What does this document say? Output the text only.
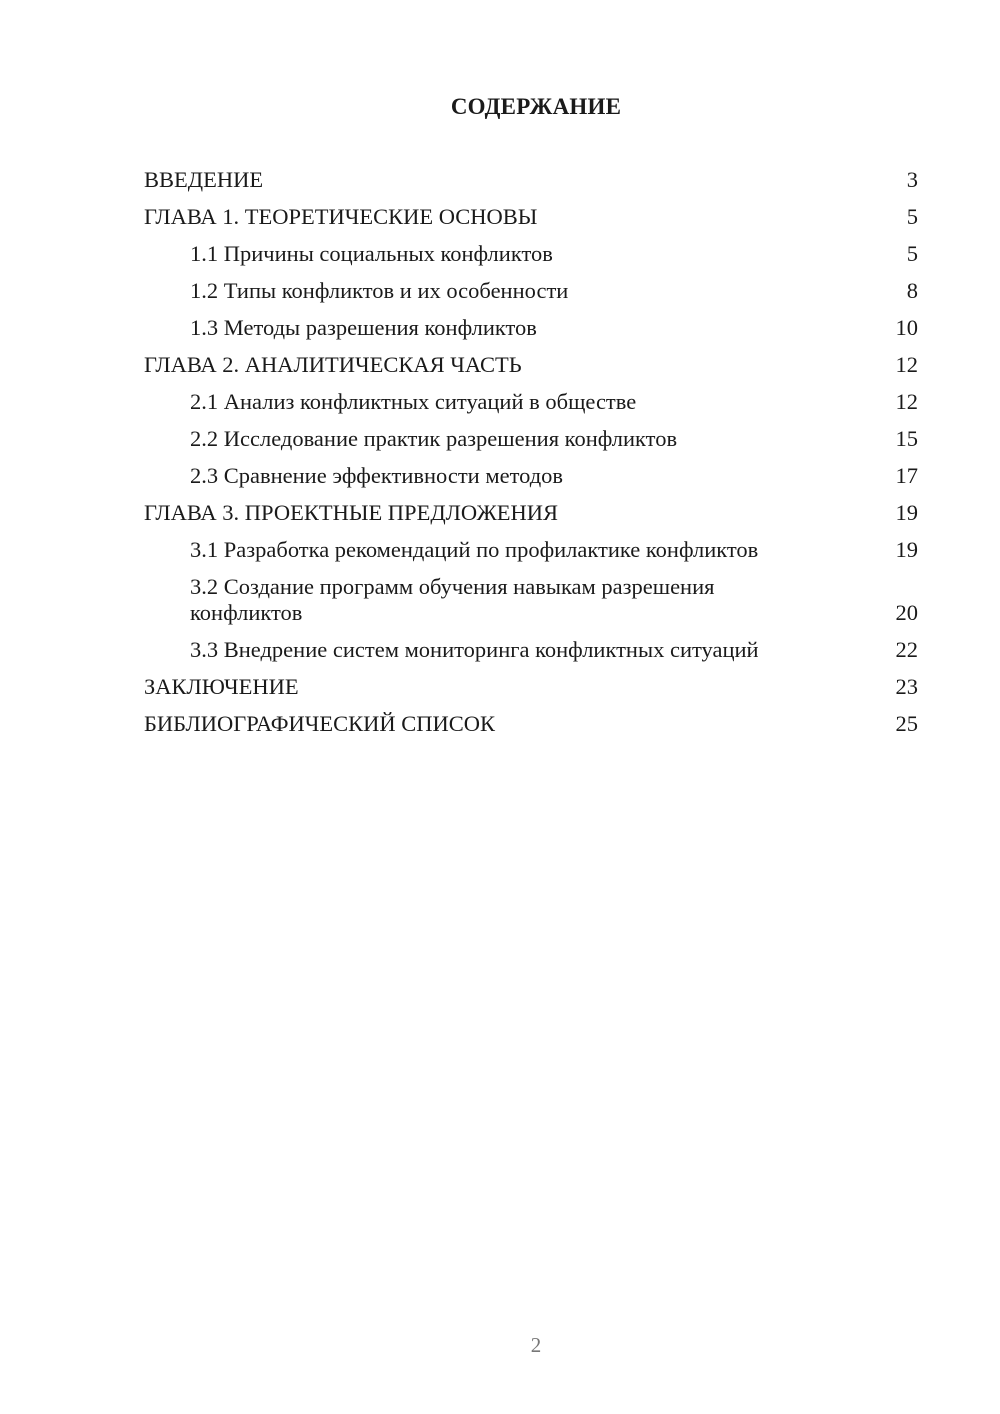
СОДЕРЖАНИЕ
ВВЕДЕНИЕ	3
ГЛАВА 1. ТЕОРЕТИЧЕСКИЕ ОСНОВЫ	5
1.1 Причины социальных конфликтов	5
1.2 Типы конфликтов и их особенности	8
1.3 Методы разрешения конфликтов	10
ГЛАВА 2. АНАЛИТИЧЕСКАЯ ЧАСТЬ	12
2.1 Анализ конфликтных ситуаций в обществе	12
2.2 Исследование практик разрешения конфликтов	15
2.3 Сравнение эффективности методов	17
ГЛАВА 3. ПРОЕКТНЫЕ ПРЕДЛОЖЕНИЯ	19
3.1 Разработка рекомендаций по профилактике конфликтов	19
3.2 Создание программ обучения навыкам разрешения конфликтов	20
3.3 Внедрение систем мониторинга конфликтных ситуаций	22
ЗАКЛЮЧЕНИЕ	23
БИБЛИОГРАФИЧЕСКИЙ СПИСОК	25
2
